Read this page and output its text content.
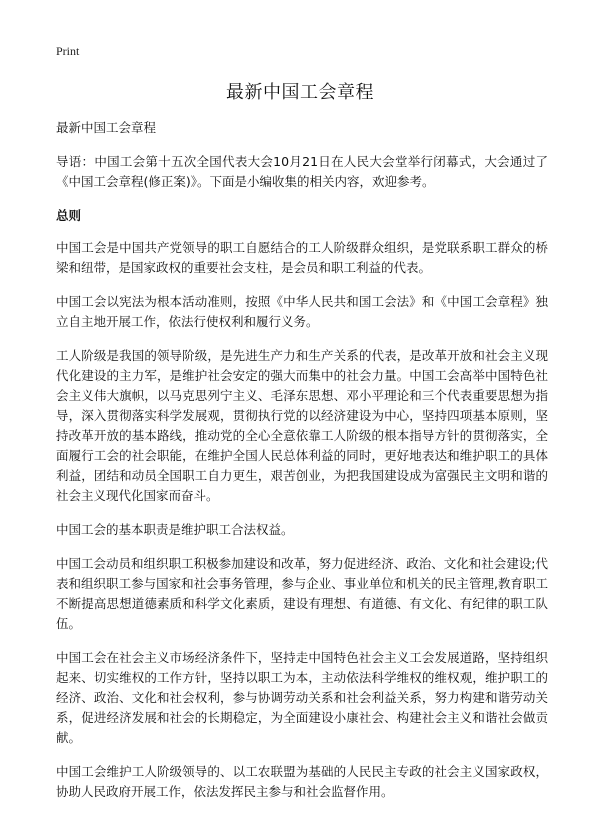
Print
最新中国工会章程

最新中国工会章程

导语：中国工会第十五次全国代表大会10月21日在人民大会堂举行闭幕式，大会通过了《中国工会章程(修正案)》。下面是小编收集的相关内容，欢迎参考。

总则

中国工会是中国共产党领导的职工自愿结合的工人阶级群众组织，是党联系职工群众的桥梁和纽带，是国家政权的重要社会支柱，是会员和职工利益的代表。

中国工会以宪法为根本活动准则，按照《中华人民共和国工会法》和《中国工会章程》独立自主地开展工作，依法行使权利和履行义务。

工人阶级是我国的领导阶级，是先进生产力和生产关系的代表，是改革开放和社会主义现代化建设的主力军，是维护社会安定的强大而集中的社会力量。中国工会高举中国特色社会主义伟大旗帜，以马克思列宁主义、毛泽东思想、邓小平理论和三个代表重要思想为指导，深入贯彻落实科学发展观，贯彻执行党的以经济建设为中心，坚持四项基本原则，坚持改革开放的基本路线，推动党的全心全意依靠工人阶级的根本指导方针的贯彻落实，全面履行工会的社会职能，在维护全国人民总体利益的同时，更好地表达和维护职工的具体利益，团结和动员全国职工自力更生，艰苦创业，为把我国建设成为富强民主文明和谐的社会主义现代化国家而奋斗。

中国工会的基本职责是维护职工合法权益。

中国工会动员和组织职工积极参加建设和改革，努力促进经济、政治、文化和社会建设;代表和组织职工参与国家和社会事务管理，参与企业、事业单位和机关的民主管理,教育职工不断提高思想道德素质和科学文化素质，建设有理想、有道德、有文化、有纪律的职工队伍。

中国工会在社会主义市场经济条件下，坚持走中国特色社会主义工会发展道路，坚持组织起来、切实维权的工作方针，坚持以职工为本，主动依法科学维权的维权观，维护职工的经济、政治、文化和社会权利，参与协调劳动关系和社会利益关系，努力构建和谐劳动关系，促进经济发展和社会的长期稳定，为全面建设小康社会、构建社会主义和谐社会做贡献。

中国工会维护工人阶级领导的、以工农联盟为基础的人民民主专政的社会主义国家政权，协助人民政府开展工作，依法发挥民主参与和社会监督作用。
